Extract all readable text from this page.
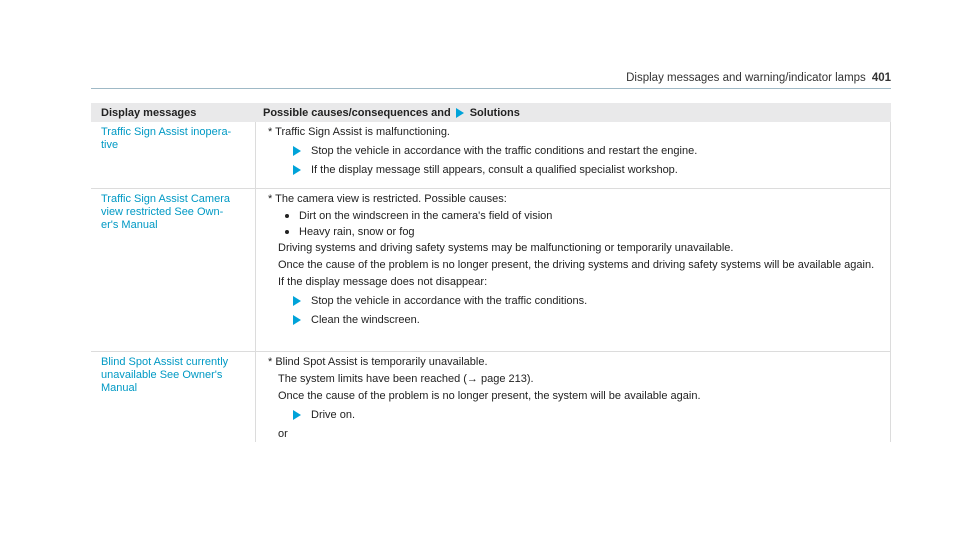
Display messages and warning/indicator lamps 401
Display messages	Possible causes/consequences and Solutions
Traffic Sign Assist inopera-
tive

* Traffic Sign Assist is malfunctioning.

Stop the vehicle in accordance with the traffic conditions and restart the engine.
If the display message still appears, consult a qualified specialist workshop.
Traffic Sign Assist Camera
view restricted See Own-
er's Manual

* The camera view is restricted. Possible causes:

Dirt on the windscreen in the camera's field of vision
Heavy rain, snow or fog

Driving systems and driving safety systems may be malfunctioning or temporarily unavailable.

Once the cause of the problem is no longer present, the driving systems and driving safety systems will be available again.

If the display message does not disappear:

Stop the vehicle in accordance with the traffic conditions.
Clean the windscreen.
Blind Spot Assist currently
unavailable See Owner's
Manual

* Blind Spot Assist is temporarily unavailable.

The system limits have been reached (→ page 213).

Once the cause of the problem is no longer present, the system will be available again.

Drive on.

or
